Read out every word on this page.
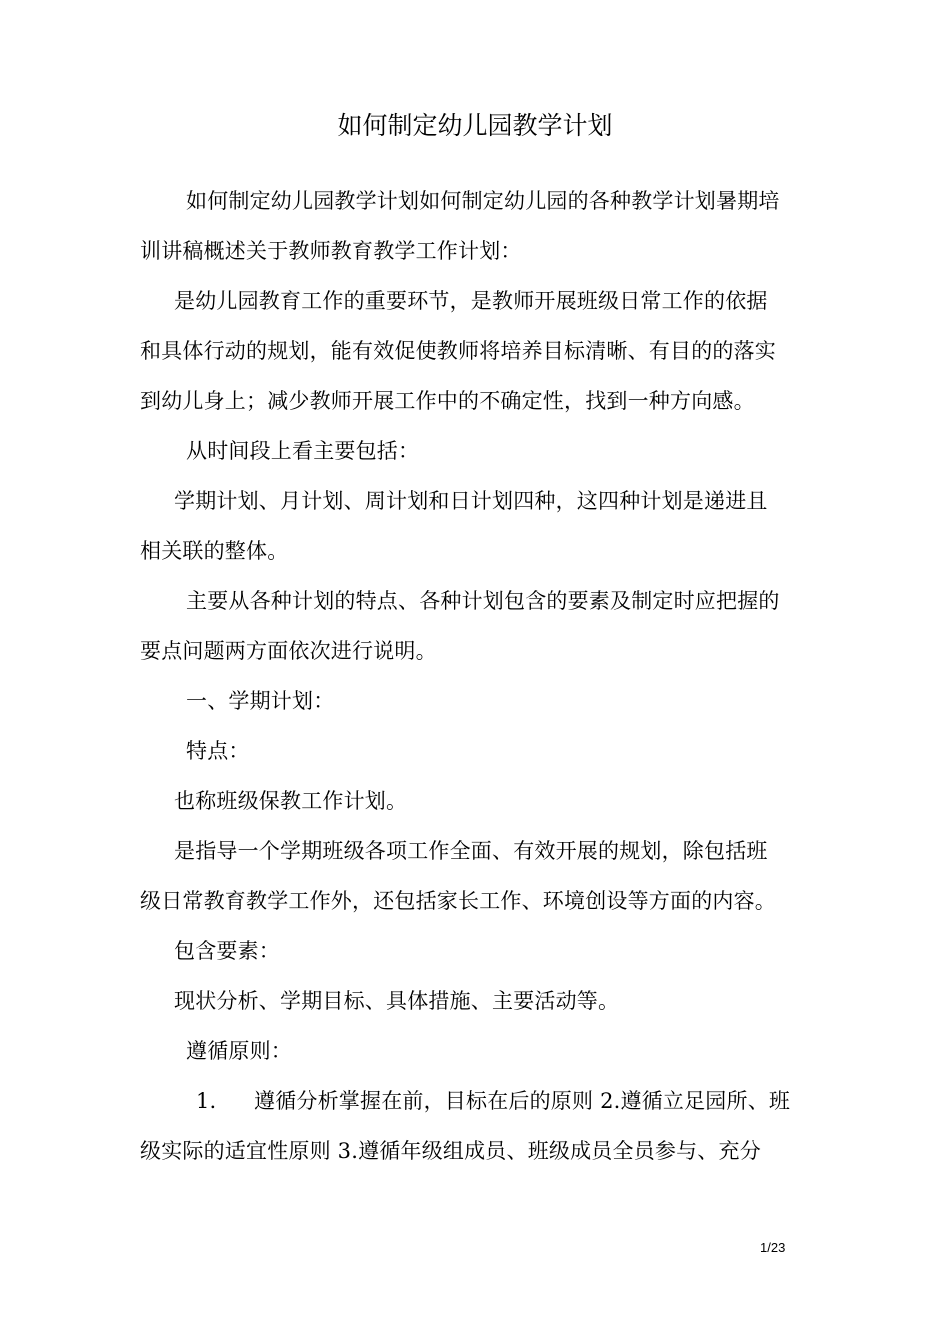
如何制定幼儿园教学计划
如何制定幼儿园教学计划如何制定幼儿园的各种教学计划暑期培
训讲稿概述关于教师教育教学工作计划：
是幼儿园教育工作的重要环节，是教师开展班级日常工作的依据
和具体行动的规划，能有效促使教师将培养目标清晰、有目的的落实
到幼儿身上；减少教师开展工作中的不确定性，找到一种方向感。
从时间段上看主要包括：
学期计划、月计划、周计划和日计划四种，这四种计划是递进且
相关联的整体。
主要从各种计划的特点、各种计划包含的要素及制定时应把握的
要点问题两方面依次进行说明。
一、学期计划：
特点：
也称班级保教工作计划。
是指导一个学期班级各项工作全面、有效开展的规划，除包括班
级日常教育教学工作外，还包括家长工作、环境创设等方面的内容。
包含要素：
现状分析、学期目标、具体措施、主要活动等。
遵循原则：
1. 遵循分析掌握在前，目标在后的原则 2.遵循立足园所、班
级实际的适宜性原则 3.遵循年级组成员、班级成员全员参与、充分
1/23
